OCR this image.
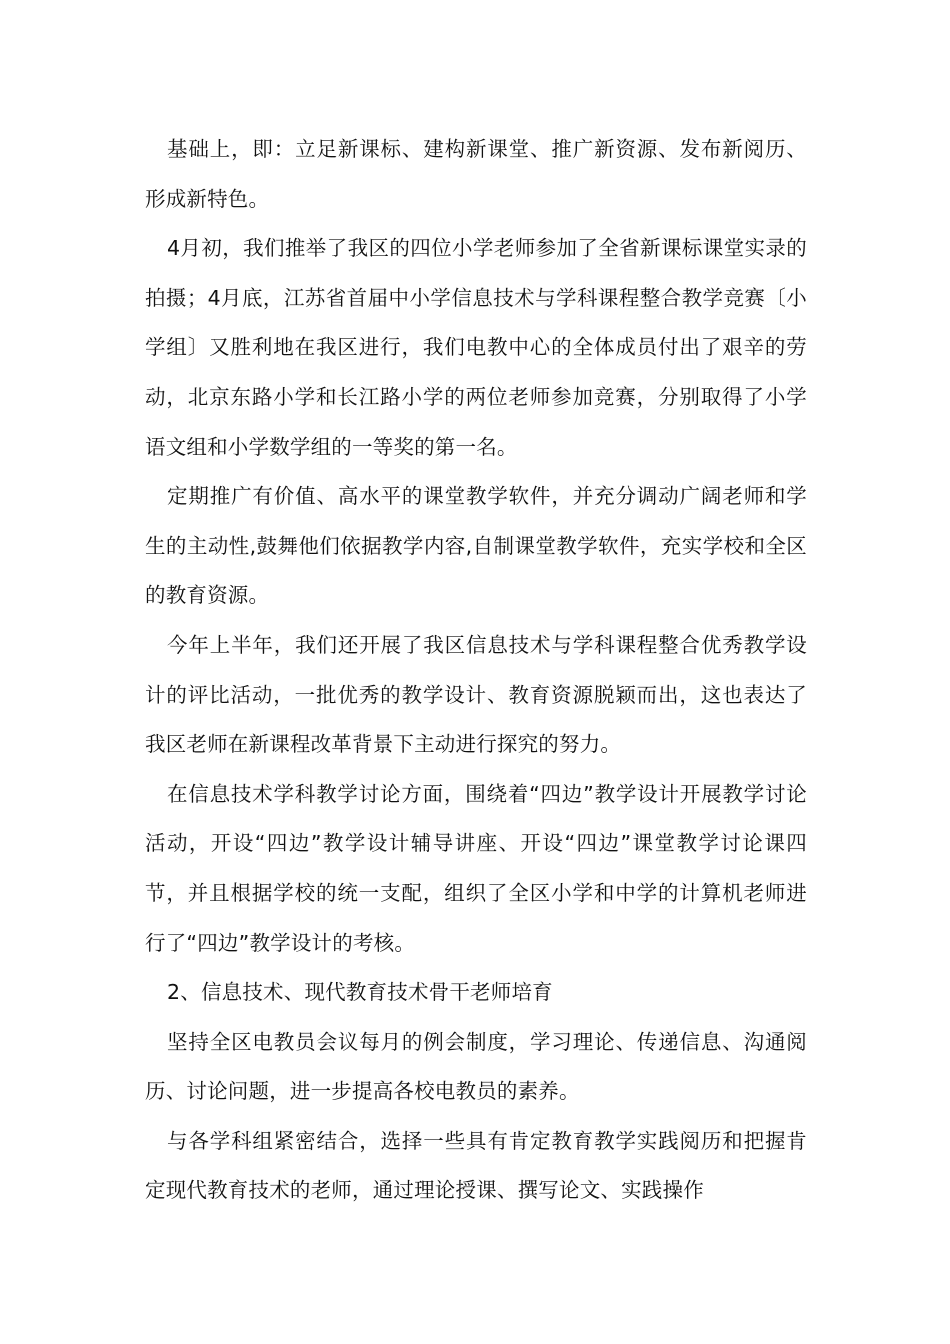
基础上，即：立足新课标、建构新课堂、推广新资源、发布新阅历、形成新特色。

4月初，我们推举了我区的四位小学老师参加了全省新课标课堂实录的拍摄；4月底，江苏省首届中小学信息技术与学科课程整合教学竞赛〔小学组〕又胜利地在我区进行，我们电教中心的全体成员付出了艰辛的劳动，北京东路小学和长江路小学的两位老师参加竞赛，分别取得了小学语文组和小学数学组的一等奖的第一名。

定期推广有价值、高水平的课堂教学软件，并充分调动广阔老师和学生的主动性,鼓舞他们依据教学内容,自制课堂教学软件，充实学校和全区的教育资源。

今年上半年，我们还开展了我区信息技术与学科课程整合优秀教学设计的评比活动，一批优秀的教学设计、教育资源脱颖而出，这也表达了我区老师在新课程改革背景下主动进行探究的努力。

在信息技术学科教学讨论方面，围绕着“四边”教学设计开展教学讨论活动，开设“四边”教学设计辅导讲座、开设“四边”课堂教学讨论课四节，并且根据学校的统一支配，组织了全区小学和中学的计算机老师进行了“四边”教学设计的考核。

2、信息技术、现代教育技术骨干老师培育

坚持全区电教员会议每月的例会制度，学习理论、传递信息、沟通阅历、讨论问题，进一步提高各校电教员的素养。

与各学科组紧密结合，选择一些具有肯定教育教学实践阅历和把握肯定现代教育技术的老师，通过理论授课、撰写论文、实践操作
